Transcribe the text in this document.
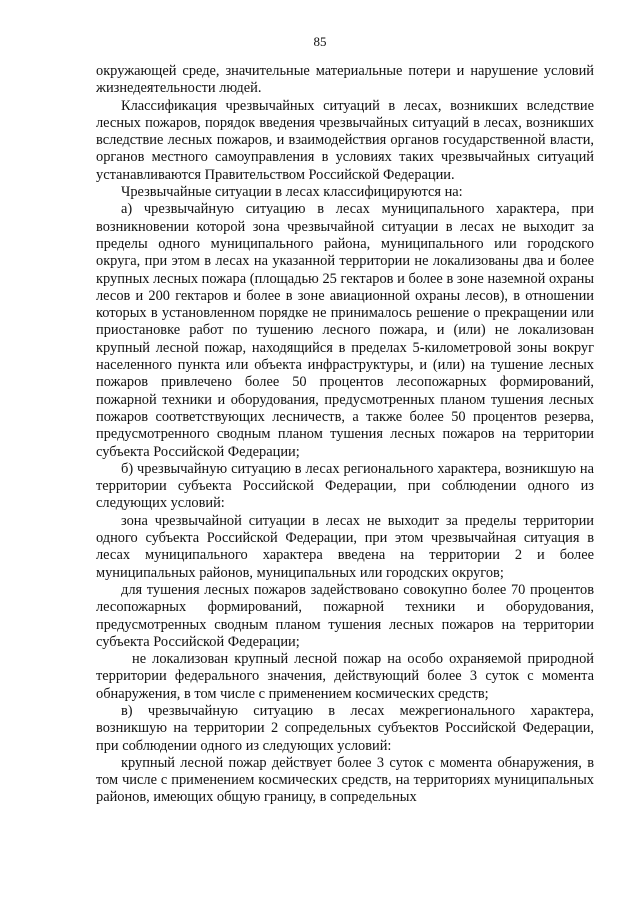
85

окружающей среде, значительные материальные потери и нарушение условий жизнедеятельности людей.

Классификация чрезвычайных ситуаций в лесах, возникших вследствие лесных пожаров, порядок введения чрезвычайных ситуаций в лесах, возникших вследствие лесных пожаров, и взаимодействия органов государственной власти, органов местного самоуправления в условиях таких чрезвычайных ситуаций устанавливаются Правительством Российской Федерации.

Чрезвычайные ситуации в лесах классифицируются на:

а) чрезвычайную ситуацию в лесах муниципального характера, при возникновении которой зона чрезвычайной ситуации в лесах не выходит за пределы одного муниципального района, муниципального или городского округа, при этом в лесах на указанной территории не локализованы два и более крупных лесных пожара (площадью 25 гектаров и более в зоне наземной охраны лесов и 200 гектаров и более в зоне авиационной охраны лесов), в отношении которых в установленном порядке не принималось решение о прекращении или приостановке работ по тушению лесного пожара, и (или) не локализован крупный лесной пожар, находящийся в пределах 5-километровой зоны вокруг населенного пункта или объекта инфраструктуры, и (или) на тушение лесных пожаров привлечено более 50 процентов лесопожарных формирований, пожарной техники и оборудования, предусмотренных планом тушения лесных пожаров соответствующих лесничеств, а также более 50 процентов резерва, предусмотренного сводным планом тушения лесных пожаров на территории субъекта Российской Федерации;

б) чрезвычайную ситуацию в лесах регионального характера, возникшую на территории субъекта Российской Федерации, при соблюдении одного из следующих условий:

зона чрезвычайной ситуации в лесах не выходит за пределы территории одного субъекта Российской Федерации, при этом чрезвычайная ситуация в лесах муниципального характера введена на территории 2 и более муниципальных районов, муниципальных или городских округов;

для тушения лесных пожаров задействовано совокупно более 70 процентов лесопожарных формирований, пожарной техники и оборудования, предусмотренных сводным планом тушения лесных пожаров на территории субъекта Российской Федерации;

не локализован крупный лесной пожар на особо охраняемой природной территории федерального значения, действующий более 3 суток с момента обнаружения, в том числе с применением космических средств;

в) чрезвычайную ситуацию в лесах межрегионального характера, возникшую на территории 2 сопредельных субъектов Российской Федерации, при соблюдении одного из следующих условий:

крупный лесной пожар действует более 3 суток с момента обнаружения, в том числе с применением космических средств, на территориях муниципальных районов, имеющих общую границу, в сопредельных
